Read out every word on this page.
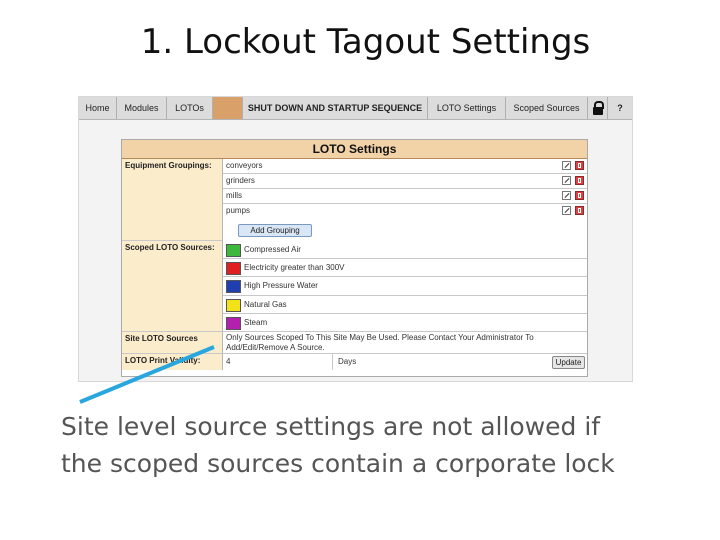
1. Lockout Tagout Settings
Home	Modules	LOTOs	SHUT DOWN AND STARTUP SEQUENCE	LOTO Settings	Scoped Sources	?
LOTO Settings
Equipment Groupings:	conveyors
grinders
mills
pumps
Add Grouping
Scoped LOTO Sources:	Compressed Air
Electricity greater than 300V
High Pressure Water
Natural Gas
Steam
Site LOTO Sources	Only Sources Scoped To This Site May Be Used. Please Contact Your Administrator To Add/Edit/Remove A Source.
LOTO Print Validity:	4	Days	Update
Site level source settings are not allowed if
the scoped sources contain a corporate lock
